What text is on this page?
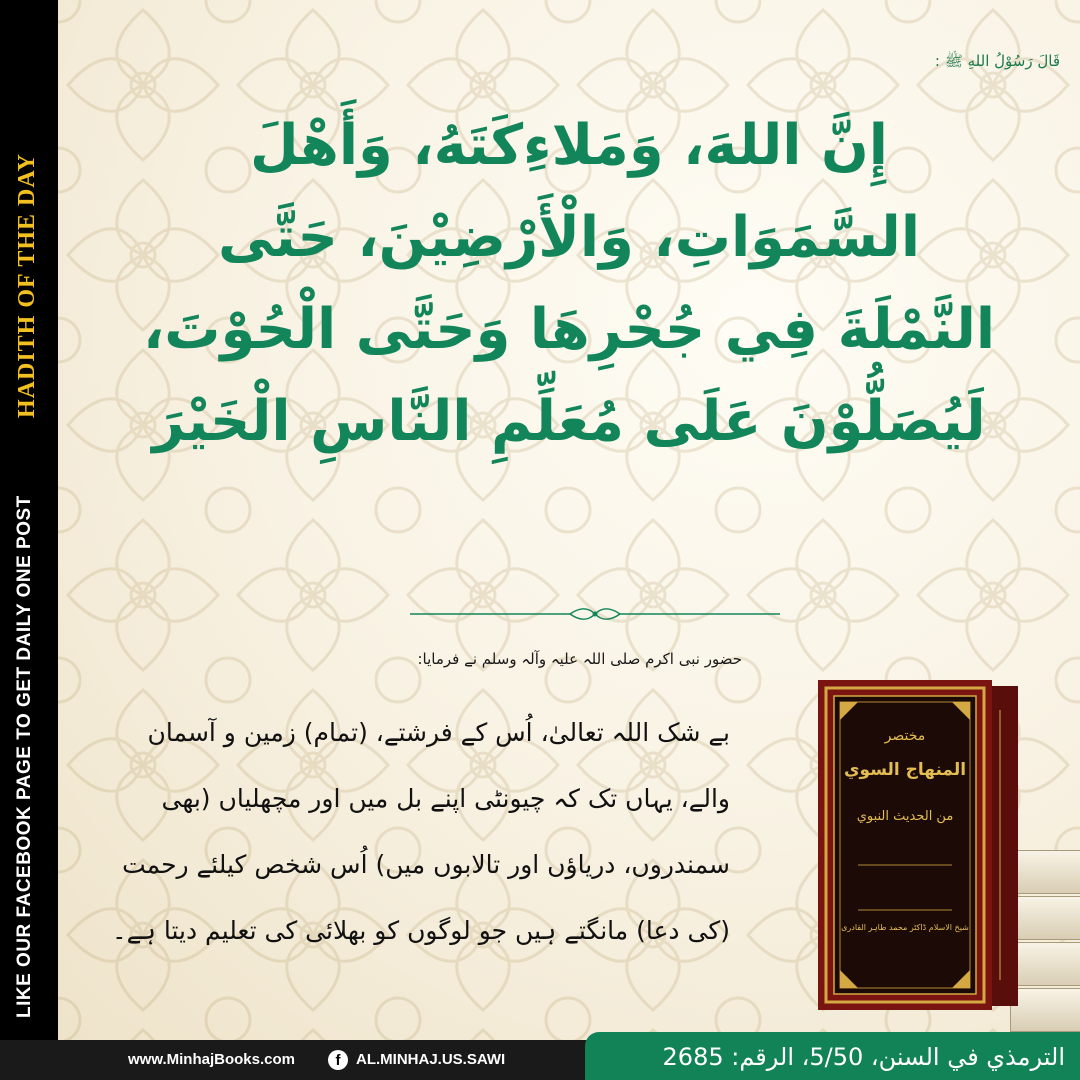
LIKE OUR FACEBOOK PAGE TO GET DAILY ONE POST
HADITH OF THE DAY
قَالَ رَسُوْلُ اللهِ ﷺ :
إِنَّ اللهَ، وَمَلاءِكَتَهُ، وَأَهْلَ
السَّمَوَاتِ، وَالْأَرْضِيْنَ، حَتَّى
النَّمْلَةَ فِي جُحْرِهَا وَحَتَّى الْحُوْتَ،
لَيُصَلُّوْنَ عَلَى مُعَلِّمِ النَّاسِ الْخَيْرَ
حضور نبی اکرم صلی اللہ علیہ وآلہ وسلم نے فرمایا:
بے شک اللہ تعالیٰ، اُس کے فرشتے، (تمام) زمین و آسمان
والے، یہاں تک کہ چیونٹی اپنے بل میں اور مچھلیاں (بھی
سمندروں، دریاؤں اور تالابوں میں) اُس شخص کیلئے رحمت
(کی دعا) مانگتے ہیں جو لوگوں کو بھلائی کی تعلیم دیتا ہے۔
مختصر
المنهاج السوي
من الحديث النبوي
شیخ الاسلام ڈاکٹر محمد طاہر القادری
www.MinhajBooks.com	f	AL.MINHAJ.US.SAWI	الترمذي في السنن، 5/50، الرقم: 2685
